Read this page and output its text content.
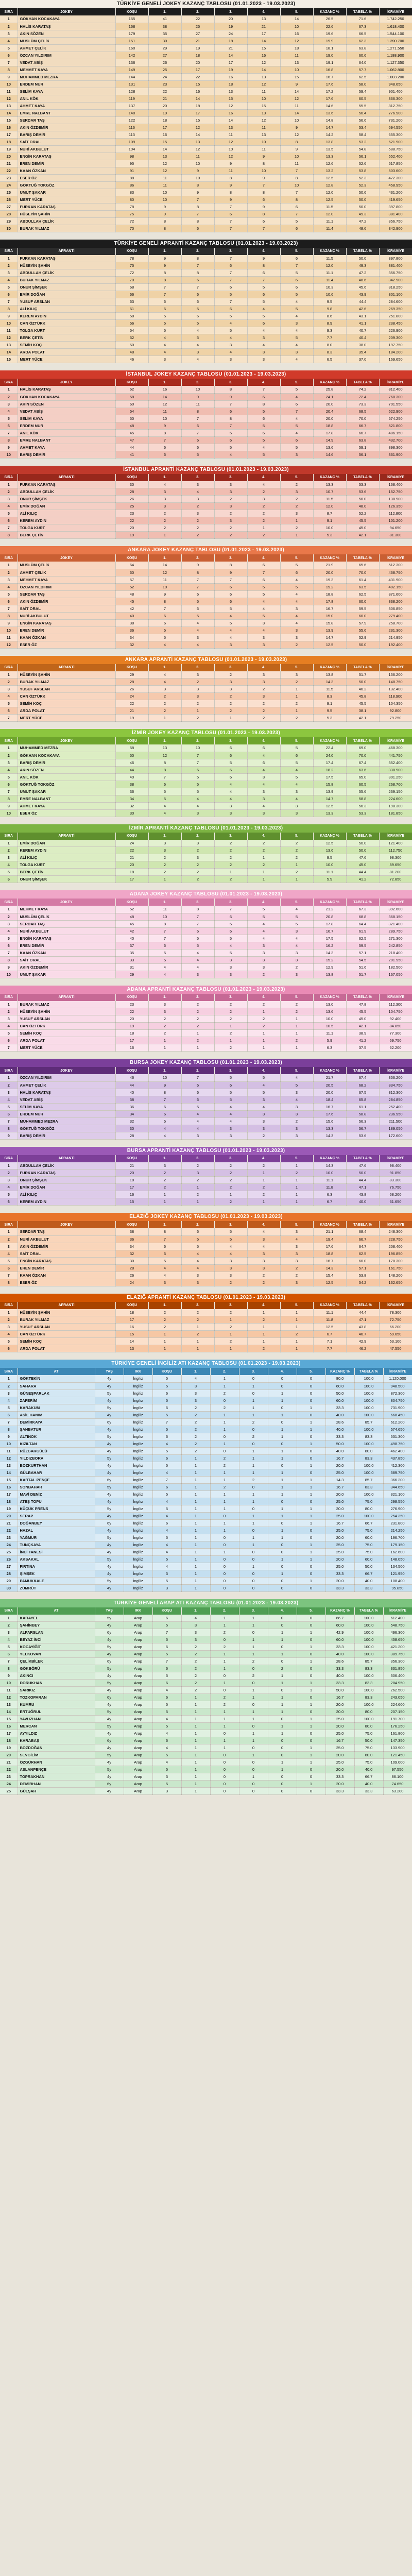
TÜRKİYE GENELİ JOKEY KAZANÇ TABLOSU (01.01.2023 - 19.03.2023)
SIRA	JOKEY	KOŞU	1.	2.	3.	4.	5.	KAZANÇ %	TABELA %	İKRAMİYE
1	GÖKHAN KOCAKAYA	155	41	22	20	13	14	26.5	71.6	1.742.250
2	HALİS KARATAŞ	168	38	25	19	21	10	22.6	67.3	1.618.400
3	AKIN SÖZEN	179	35	27	24	17	16	19.6	66.5	1.544.100
4	MÜSLÜM ÇELİK	151	30	21	18	14	12	19.9	62.3	1.390.700
5	AHMET ÇELİK	160	29	19	21	15	18	18.1	63.8	1.271.550
6	ÖZCAN YILDIRIM	142	27	18	14	16	11	19.0	60.6	1.188.900
7	VEDAT ABİŞ	136	26	20	17	12	13	19.1	64.0	1.127.350
8	MEHMET KAYA	149	25	17	19	14	10	16.8	57.7	1.062.800
9	MUHAMMED MEZRA	144	24	22	16	13	15	16.7	62.5	1.003.200
10	ERDEM NUR	131	23	15	18	12	9	17.6	58.0	948.650
11	SELİM KAYA	128	22	16	13	11	14	17.2	59.4	901.400
12	ANIL KÖK	119	21	14	15	10	12	17.6	60.5	866.300
13	AHMET KAYA	137	20	18	12	15	11	14.6	55.5	812.750
14	EMRE NALBANT	140	19	17	16	13	14	13.6	56.4	776.900
15	SERDAR TAŞ	122	18	15	14	12	10	14.8	56.6	731.200
16	AKIN ÖZDEMİR	116	17	12	13	11	9	14.7	53.4	694.550
17	BARIŞ DEMİR	113	16	14	11	13	12	14.2	58.4	655.300
18	SAİT ORAL	109	15	13	12	10	8	13.8	53.2	621.900
19	NURİ AKBULUT	104	14	12	10	11	9	13.5	54.8	588.750
20	ENGİN KARATAŞ	98	13	11	12	9	10	13.3	56.1	552.400
21	EREN DEMİR	95	12	10	9	8	11	12.6	52.6	517.850
22	KAAN ÖZKAN	91	12	9	11	10	7	13.2	53.8	503.600
23	ESER ÖZ	88	11	10	8	9	8	12.5	52.3	472.300
24	GÖKTUĞ TOKGÖZ	86	11	8	9	7	10	12.8	52.3	458.950
25	UMUT ŞAKAR	83	10	9	8	8	7	12.0	50.6	431.200
26	MERT YÜCE	80	10	7	9	6	8	12.5	50.0	419.650
27	FURKAN KARATAŞ	78	9	8	7	9	6	11.5	50.0	397.800
28	HÜSEYİN ŞAHİN	75	9	7	6	8	7	12.0	49.3	381.400
29	ABDULLAH ÇELİK	72	8	8	7	6	5	11.1	47.2	356.750
30	BURAK YILMAZ	70	8	6	7	7	6	11.4	48.6	342.900
TÜRKİYE GENELİ APRANTİ KAZANÇ TABLOSU (01.01.2023 - 19.03.2023)
SIRA	APRANTİ	KOŞU	1.	2.	3.	4.	5.	KAZANÇ %	TABELA %	İKRAMİYE
1	FURKAN KARATAŞ	78	9	8	7	9	6	11.5	50.0	397.800
2	HÜSEYİN ŞAHİN	75	9	7	6	8	7	12.0	49.3	381.400
3	ABDULLAH ÇELİK	72	8	8	7	6	5	11.1	47.2	356.750
4	BURAK YILMAZ	70	8	6	7	7	6	11.4	48.6	342.900
5	ONUR ŞİMŞEK	68	7	7	6	5	6	10.3	45.6	318.250
6	EMİR DOĞAN	66	7	6	5	6	5	10.6	43.9	301.100
7	YUSUF ARSLAN	63	6	6	7	5	4	9.5	44.4	284.600
8	ALİ KILIÇ	61	6	5	6	4	5	9.8	42.6	269.350
9	KEREM AYDIN	58	5	6	5	5	4	8.6	43.1	251.800
10	CAN ÖZTÜRK	56	5	5	4	6	3	8.9	41.1	238.450
11	TOLGA KURT	54	5	4	5	4	4	9.3	40.7	226.900
12	BERK ÇETİN	52	4	5	4	3	5	7.7	40.4	209.300
13	SEMİH KOÇ	50	4	4	3	4	4	8.0	38.0	197.750
14	ARDA POLAT	48	4	3	4	3	3	8.3	35.4	184.200
15	MERT YÜCE	46	3	4	3	3	4	6.5	37.0	169.650
İSTANBUL JOKEY KAZANÇ TABLOSU (01.01.2023 - 19.03.2023)
SIRA	JOKEY	KOŞU	1.	2.	3.	4.	5.	KAZANÇ %	TABELA %	İKRAMİYE
1	HALİS KARATAŞ	62	16	10	8	7	5	25.8	74.2	812.400
2	GÖKHAN KOCAKAYA	58	14	9	9	6	4	24.1	72.4	768.300
3	AKIN SÖZEN	60	12	11	7	8	6	20.0	73.3	701.550
4	VEDAT ABİŞ	54	11	8	6	5	7	20.4	68.5	622.900
5	SELİM KAYA	50	10	7	8	6	4	20.0	70.0	574.250
6	ERDEM NUR	48	9	6	7	5	5	18.8	66.7	521.800
7	ANIL KÖK	45	8	7	5	6	4	17.8	66.7	486.150
8	EMRE NALBANT	47	7	6	6	5	6	14.9	63.8	432.700
9	AHMET KAYA	44	6	6	5	4	5	13.6	59.1	398.300
10	BARIŞ DEMİR	41	6	5	4	5	3	14.6	56.1	361.900
İSTANBUL APRANTİ KAZANÇ TABLOSU (01.01.2023 - 19.03.2023)
SIRA	APRANTİ	KOŞU	1.	2.	3.	4.	5.	KAZANÇ %	TABELA %	İKRAMİYE
1	FURKAN KARATAŞ	30	4	3	3	4	2	13.3	53.3	168.400
2	ABDULLAH ÇELİK	28	3	4	3	2	3	10.7	53.6	152.750
3	ONUR ŞİMŞEK	26	3	3	2	3	2	11.5	50.0	138.900
4	EMİR DOĞAN	25	3	2	3	2	2	12.0	48.0	126.350
5	ALİ KILIÇ	23	2	3	2	2	3	8.7	52.2	112.800
6	KEREM AYDIN	22	2	2	3	2	1	9.1	45.5	101.200
7	TOLGA KURT	20	2	2	2	1	2	10.0	45.0	94.650
8	BERK ÇETİN	19	1	2	2	2	1	5.3	42.1	81.300
ANKARA JOKEY KAZANÇ TABLOSU (01.01.2023 - 19.03.2023)
SIRA	JOKEY	KOŞU	1.	2.	3.	4.	5.	KAZANÇ %	TABELA %	İKRAMİYE
1	MÜSLÜM ÇELİK	64	14	9	8	6	5	21.9	65.6	512.300
2	AHMET ÇELİK	60	12	8	9	7	6	20.0	70.0	468.750
3	MEHMET KAYA	57	11	7	7	6	4	19.3	61.4	431.900
4	ÖZCAN YILDIRIM	52	10	7	6	5	5	19.2	63.5	402.150
5	SERDAR TAŞ	48	9	6	6	5	4	18.8	62.5	371.600
6	AKIN ÖZDEMİR	45	8	5	6	4	4	17.8	60.0	338.200
7	SAİT ORAL	42	7	6	5	4	3	16.7	59.5	306.850
8	NURİ AKBULUT	40	6	5	4	5	4	15.0	60.0	279.400
9	ENGİN KARATAŞ	38	6	4	5	3	4	15.8	57.9	258.700
10	EREN DEMİR	36	5	4	4	4	3	13.9	55.6	231.300
11	KAAN ÖZKAN	34	5	3	4	3	3	14.7	52.9	214.950
12	ESER ÖZ	32	4	4	3	3	2	12.5	50.0	192.400
ANKARA APRANTİ KAZANÇ TABLOSU (01.01.2023 - 19.03.2023)
SIRA	APRANTİ	KOŞU	1.	2.	3.	4.	5.	KAZANÇ %	TABELA %	İKRAMİYE
1	HÜSEYİN ŞAHİN	29	4	3	2	3	3	13.8	51.7	156.200
2	BURAK YILMAZ	28	4	2	3	3	2	14.3	50.0	148.750
3	YUSUF ARSLAN	26	3	3	3	2	1	11.5	46.2	132.400
4	CAN ÖZTÜRK	24	2	3	2	3	1	8.3	45.8	118.900
5	SEMİH KOÇ	22	2	2	2	2	2	9.1	45.5	104.350
6	ARDA POLAT	21	2	1	2	2	1	9.5	38.1	92.800
7	MERT YÜCE	19	1	2	1	2	2	5.3	42.1	79.250
İZMİR JOKEY KAZANÇ TABLOSU (01.01.2023 - 19.03.2023)
SIRA	JOKEY	KOŞU	1.	2.	3.	4.	5.	KAZANÇ %	TABELA %	İKRAMİYE
1	MUHAMMED MEZRA	58	13	10	6	6	5	22.4	69.0	468.300
2	GÖKHAN KOCAKAYA	50	12	7	6	4	6	24.0	70.0	441.750
3	BARIŞ DEMİR	46	8	7	5	6	5	17.4	67.4	352.400
4	AKIN SÖZEN	44	8	6	6	4	4	18.2	63.6	338.900
5	ANIL KÖK	40	7	5	6	3	5	17.5	65.0	301.250
6	GÖKTUĞ TOKGÖZ	38	6	5	4	4	4	15.8	60.5	268.700
7	UMUT ŞAKAR	36	5	5	4	3	3	13.9	55.6	239.150
8	EMRE NALBANT	34	5	4	4	3	4	14.7	58.8	224.600
9	AHMET KAYA	32	4	4	3	4	3	12.5	56.3	198.300
10	ESER ÖZ	30	4	3	3	3	3	13.3	53.3	181.850
İZMİR APRANTİ KAZANÇ TABLOSU (01.01.2023 - 19.03.2023)
SIRA	APRANTİ	KOŞU	1.	2.	3.	4.	5.	KAZANÇ %	TABELA %	İKRAMİYE
1	EMİR DOĞAN	24	3	3	2	2	2	12.5	50.0	121.400
2	KEREM AYDIN	22	3	2	2	2	2	13.6	50.0	112.750
3	ALİ KILIÇ	21	2	3	2	1	2	9.5	47.6	98.300
4	TOLGA KURT	20	2	2	2	2	1	10.0	45.0	89.650
5	BERK ÇETİN	18	2	2	1	1	2	11.1	44.4	81.200
6	ONUR ŞİMŞEK	17	1	2	2	1	1	5.9	41.2	72.850
ADANA JOKEY KAZANÇ TABLOSU (01.01.2023 - 19.03.2023)
SIRA	JOKEY	KOŞU	1.	2.	3.	4.	5.	KAZANÇ %	TABELA %	İKRAMİYE
1	MEHMET KAYA	52	11	8	7	5	4	21.2	67.3	392.600
2	MÜSLÜM ÇELİK	48	10	7	6	5	5	20.8	68.8	368.150
3	SERDAR TAŞ	45	8	7	5	4	5	17.8	64.4	321.400
4	NURİ AKBULUT	42	7	6	6	4	3	16.7	61.9	289.750
5	ENGİN KARATAŞ	40	7	5	5	4	4	17.5	62.5	271.300
6	EREN DEMİR	37	6	5	4	3	4	16.2	59.5	242.850
7	KAAN ÖZKAN	35	5	4	5	3	3	14.3	57.1	218.400
8	SAİT ORAL	33	5	4	3	3	3	15.2	54.5	201.950
9	AKIN ÖZDEMİR	31	4	4	3	3	2	12.9	51.6	182.500
10	UMUT ŞAKAR	29	4	3	3	2	3	13.8	51.7	167.050
ADANA APRANTİ KAZANÇ TABLOSU (01.01.2023 - 19.03.2023)
SIRA	APRANTİ	KOŞU	1.	2.	3.	4.	5.	KAZANÇ %	TABELA %	İKRAMİYE
1	BURAK YILMAZ	23	3	2	2	2	2	13.0	47.8	112.300
2	HÜSEYİN ŞAHİN	22	3	2	2	1	2	13.6	45.5	104.750
3	YUSUF ARSLAN	20	2	2	2	2	1	10.0	45.0	92.400
4	CAN ÖZTÜRK	19	2	2	1	2	1	10.5	42.1	84.850
5	SEMİH KOÇ	18	2	1	2	1	1	11.1	38.9	77.300
6	ARDA POLAT	17	1	2	1	1	2	5.9	41.2	69.750
7	MERT YÜCE	16	1	1	2	1	1	6.3	37.5	62.200
BURSA JOKEY KAZANÇ TABLOSU (01.01.2023 - 19.03.2023)
SIRA	JOKEY	KOŞU	1.	2.	3.	4.	5.	KAZANÇ %	TABELA %	İKRAMİYE
1	ÖZCAN YILDIRIM	46	10	7	5	5	4	21.7	67.4	356.200
2	AHMET ÇELİK	44	9	6	6	4	5	20.5	68.2	334.750
3	HALİS KARATAŞ	40	8	6	5	5	3	20.0	67.5	312.300
4	VEDAT ABİŞ	38	7	6	5	3	4	18.4	65.8	284.850
5	SELİM KAYA	36	6	5	4	4	3	16.7	61.1	252.400
6	ERDEM NUR	34	6	4	4	3	3	17.6	58.8	236.950
7	MUHAMMED MEZRA	32	5	4	4	3	2	15.6	56.3	211.500
8	GÖKTUĞ TOKGÖZ	30	4	4	3	3	3	13.3	56.7	189.050
9	BARIŞ DEMİR	28	4	3	3	2	3	14.3	53.6	172.600
BURSA APRANTİ KAZANÇ TABLOSU (01.01.2023 - 19.03.2023)
SIRA	APRANTİ	KOŞU	1.	2.	3.	4.	5.	KAZANÇ %	TABELA %	İKRAMİYE
1	ABDULLAH ÇELİK	21	3	2	2	2	1	14.3	47.6	98.400
2	FURKAN KARATAŞ	20	2	3	2	1	2	10.0	50.0	91.850
3	ONUR ŞİMŞEK	18	2	2	2	1	1	11.1	44.4	83.300
4	EMİR DOĞAN	17	2	1	2	2	1	11.8	47.1	76.750
5	ALİ KILIÇ	16	1	2	1	2	1	6.3	43.8	68.200
6	KEREM AYDIN	15	1	1	2	1	1	6.7	40.0	61.650
ELAZIĞ JOKEY KAZANÇ TABLOSU (01.01.2023 - 19.03.2023)
SIRA	JOKEY	KOŞU	1.	2.	3.	4.	5.	KAZANÇ %	TABELA %	İKRAMİYE
1	SERDAR TAŞ	38	8	6	5	4	3	21.1	68.4	248.300
2	NURİ AKBULUT	36	7	5	5	3	4	19.4	66.7	228.750
3	AKIN ÖZDEMİR	34	6	5	4	4	3	17.6	64.7	208.400
4	SAİT ORAL	32	6	4	4	3	3	18.8	62.5	196.850
5	ENGİN KARATAŞ	30	5	4	3	3	3	16.7	60.0	178.300
6	EREN DEMİR	28	4	4	3	3	2	14.3	57.1	161.750
7	KAAN ÖZKAN	26	4	3	3	2	2	15.4	53.8	148.200
8	ESER ÖZ	24	3	3	2	2	3	12.5	54.2	132.650
ELAZIĞ APRANTİ KAZANÇ TABLOSU (01.01.2023 - 19.03.2023)
SIRA	APRANTİ	KOŞU	1.	2.	3.	4.	5.	KAZANÇ %	TABELA %	İKRAMİYE
1	HÜSEYİN ŞAHİN	18	2	2	2	1	1	11.1	44.4	78.300
2	BURAK YILMAZ	17	2	2	1	2	1	11.8	47.1	72.750
3	YUSUF ARSLAN	16	2	1	2	1	1	12.5	43.8	66.200
4	CAN ÖZTÜRK	15	1	2	1	1	2	6.7	46.7	59.650
5	SEMİH KOÇ	14	1	1	2	1	1	7.1	42.9	53.100
6	ARDA POLAT	13	1	1	1	2	1	7.7	46.2	47.550
TÜRKİYE GENELİ İNGİLİZ ATI KAZANÇ TABLOSU (01.01.2023 - 19.03.2023)
SIRA	AT	YAŞ	IRK	KOŞU	1.	2.	3.	4.	5.	KAZANÇ %	TABELA %	İKRAMİYE
1	GÖKTEKİN	4y	İngiliz	5	4	1	0	0	0	80.0	100.0	1.120.000
2	SAHARA	4y	İngiliz	5	3	1	1	0	0	60.0	100.0	948.500
3	GÜNEŞPARLAK	5y	İngiliz	6	3	2	0	1	0	50.0	100.0	872.300
4	ZAFERİM	4y	İngiliz	5	3	0	1	1	0	60.0	100.0	804.750
5	KARAKUM	5y	İngiliz	6	2	2	1	0	1	33.3	100.0	731.900
6	ASİL HANIM	4y	İngiliz	5	2	1	1	1	0	40.0	100.0	668.450
7	DEMİRKAYA	6y	İngiliz	7	2	1	2	0	1	28.6	85.7	612.200
8	ŞAHBATUR	4y	İngiliz	5	2	1	0	1	1	40.0	100.0	574.650
9	ALTINOK	5y	İngiliz	6	2	0	2	1	0	33.3	83.3	531.300
10	KIZILTAN	4y	İngiliz	4	2	1	0	0	1	50.0	100.0	498.750
11	RÜZGARGÜLÜ	4y	İngiliz	5	2	0	1	1	0	40.0	80.0	462.400
12	YILDIZBORA	5y	İngiliz	6	1	2	1	1	0	16.7	83.3	437.850
13	BOZKURTHAN	4y	İngiliz	5	1	2	1	0	1	20.0	100.0	412.300
14	GÜLBAHAR	4y	İngiliz	4	1	1	1	1	0	25.0	100.0	389.750
15	KARTAL PENÇE	6y	İngiliz	7	1	1	2	1	1	14.3	85.7	366.200
16	SONBAHAR	5y	İngiliz	6	1	2	0	1	1	16.7	83.3	344.650
17	MAVİ DENİZ	4y	İngiliz	5	1	1	1	1	1	20.0	100.0	321.100
18	ATEŞ TOPU	4y	İngiliz	4	1	1	1	0	0	25.0	75.0	298.550
19	KÜÇÜK PRENS	5y	İngiliz	5	1	1	0	1	1	20.0	80.0	276.900
20	SERAP	4y	İngiliz	4	1	0	1	1	1	25.0	100.0	254.350
21	DOĞANBEY	6y	İngiliz	6	1	1	1	0	1	16.7	66.7	231.800
22	HAZAL	4y	İngiliz	4	1	1	0	1	0	25.0	75.0	214.250
23	YAĞMUR	5y	İngiliz	5	1	0	1	1	0	20.0	60.0	196.700
24	TUNÇKAYA	4y	İngiliz	4	1	0	1	0	1	25.0	75.0	179.150
25	İNCİ TANESİ	4y	İngiliz	4	1	1	0	0	1	25.0	75.0	162.600
26	AKSAKAL	5y	İngiliz	5	1	0	0	1	1	20.0	60.0	148.050
27	FIRTINA	4y	İngiliz	4	1	0	1	0	0	25.0	50.0	134.500
28	ŞİMŞEK	4y	İngiliz	3	1	0	0	1	0	33.3	66.7	121.950
29	PAMUKKALE	5y	İngiliz	5	1	0	0	0	1	20.0	40.0	108.400
30	ZÜMRÜT	4y	İngiliz	3	1	0	0	0	0	33.3	33.3	95.850
TÜRKİYE GENELİ ARAP ATI KAZANÇ TABLOSU (01.01.2023 - 19.03.2023)
SIRA	AT	YAŞ	IRK	KOŞU	1.	2.	3.	4.	5.	KAZANÇ %	TABELA %	İKRAMİYE
1	KARAYEL	5y	Arap	6	4	1	1	0	0	66.7	100.0	612.400
2	ŞAHİNBEY	4y	Arap	5	3	1	1	0	0	60.0	100.0	548.750
3	ALPARSLAN	6y	Arap	7	3	2	0	1	1	42.9	100.0	496.300
4	BEYAZ İNCİ	4y	Arap	5	3	0	1	1	0	60.0	100.0	458.650
5	KOCAYİĞİT	5y	Arap	6	2	2	1	0	1	33.3	100.0	421.200
6	YELKOVAN	4y	Arap	5	2	1	1	1	0	40.0	100.0	389.750
7	ÇELİKBİLEK	6y	Arap	7	2	1	2	0	1	28.6	85.7	356.300
8	GÖKBÖRÜ	5y	Arap	6	2	1	0	2	0	33.3	83.3	331.850
9	AKINCI	4y	Arap	5	2	0	2	1	0	40.0	100.0	306.400
10	DORUKHAN	5y	Arap	6	2	1	0	1	1	33.3	83.3	284.950
11	SARIKIZ	4y	Arap	4	2	0	1	0	1	50.0	100.0	262.500
12	TOZKOPARAN	6y	Arap	6	1	2	1	1	0	16.7	83.3	243.050
13	KUMRU	4y	Arap	5	1	2	0	1	1	20.0	100.0	224.600
14	ERTUĞRUL	5y	Arap	5	1	1	1	1	0	20.0	80.0	207.150
15	YAVUZHAN	4y	Arap	4	1	1	1	0	1	25.0	100.0	191.700
16	MERCAN	5y	Arap	5	1	1	0	1	1	20.0	80.0	176.250
17	AYYILDIZ	4y	Arap	4	1	0	1	1	0	25.0	75.0	161.800
18	KARABAŞ	6y	Arap	6	1	1	1	0	0	16.7	50.0	147.350
19	BOZDOĞAN	4y	Arap	4	1	1	0	0	1	25.0	75.0	133.900
20	SEVGİLİM	5y	Arap	5	1	0	1	0	1	20.0	60.0	121.450
21	ÖZGÜRHAN	4y	Arap	4	1	0	0	1	1	25.0	75.0	109.000
22	ASLANPENÇE	5y	Arap	5	1	0	0	1	0	20.0	40.0	97.550
23	TOPRAKHAN	4y	Arap	3	1	0	1	0	0	33.3	66.7	86.100
24	DEMİRHAN	6y	Arap	5	1	0	0	0	1	20.0	40.0	74.650
25	GÜLŞAH	4y	Arap	3	1	0	0	0	0	33.3	33.3	63.200
